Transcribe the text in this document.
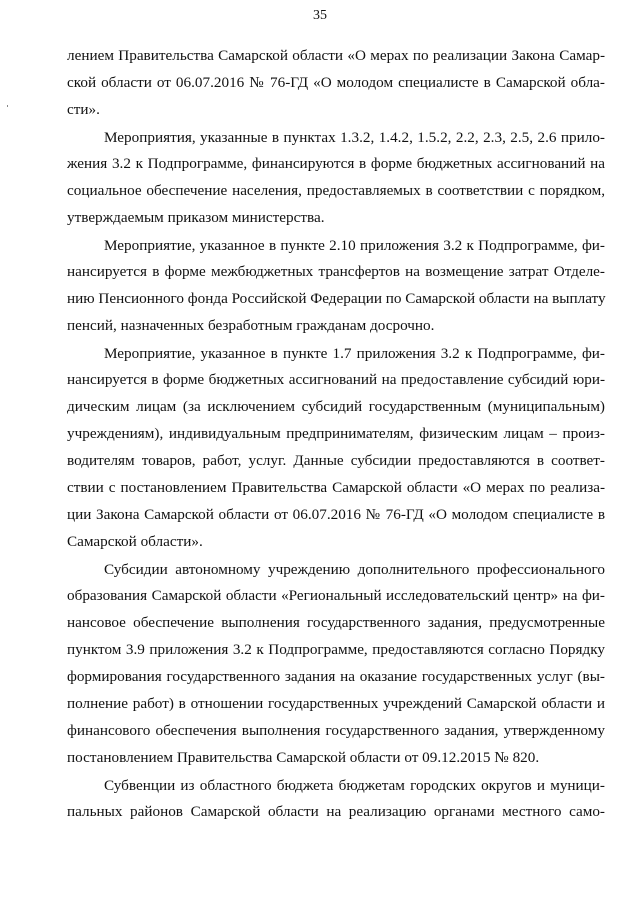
35
лением Правительства Самарской области «О мерах по реализации Закона Самар-
ской области от 06.07.2016 № 76-ГД «О молодом специалисте в Самарской обла-
сти».
Мероприятия, указанные в пунктах 1.3.2, 1.4.2, 1.5.2, 2.2, 2.3, 2.5, 2.6 прило-
жения 3.2 к Подпрограмме, финансируются в форме бюджетных ассигнований на
социальное обеспечение населения, предоставляемых в соответствии с порядком,
утверждаемым приказом министерства.
Мероприятие, указанное в пункте 2.10 приложения 3.2 к Подпрограмме, фи-
нансируется в форме межбюджетных трансфертов на возмещение затрат Отделе-
нию Пенсионного фонда Российской Федерации по Самарской области на выплату
пенсий, назначенных безработным гражданам досрочно.
Мероприятие, указанное в пункте 1.7 приложения 3.2 к Подпрограмме, фи-
нансируется в форме бюджетных ассигнований на предоставление субсидий юри-
дическим лицам (за исключением субсидий государственным (муниципальным)
учреждениям), индивидуальным предпринимателям, физическим лицам – произ-
водителям товаров, работ, услуг. Данные субсидии предоставляются в соответ-
ствии с постановлением Правительства Самарской области «О мерах по реализа-
ции Закона Самарской области от 06.07.2016 № 76-ГД «О молодом специалисте в
Самарской области».
Субсидии автономному учреждению дополнительного профессионального
образования Самарской области «Региональный исследовательский центр» на фи-
нансовое обеспечение выполнения государственного задания, предусмотренные
пунктом 3.9 приложения 3.2 к Подпрограмме, предоставляются согласно Порядку
формирования государственного задания на оказание государственных услуг (вы-
полнение работ) в отношении государственных учреждений Самарской области и
финансового обеспечения выполнения государственного задания, утвержденному
постановлением Правительства Самарской области от 09.12.2015 № 820.
Субвенции из областного бюджета бюджетам городских округов и муници-
пальных районов Самарской области на реализацию органами местного само-
